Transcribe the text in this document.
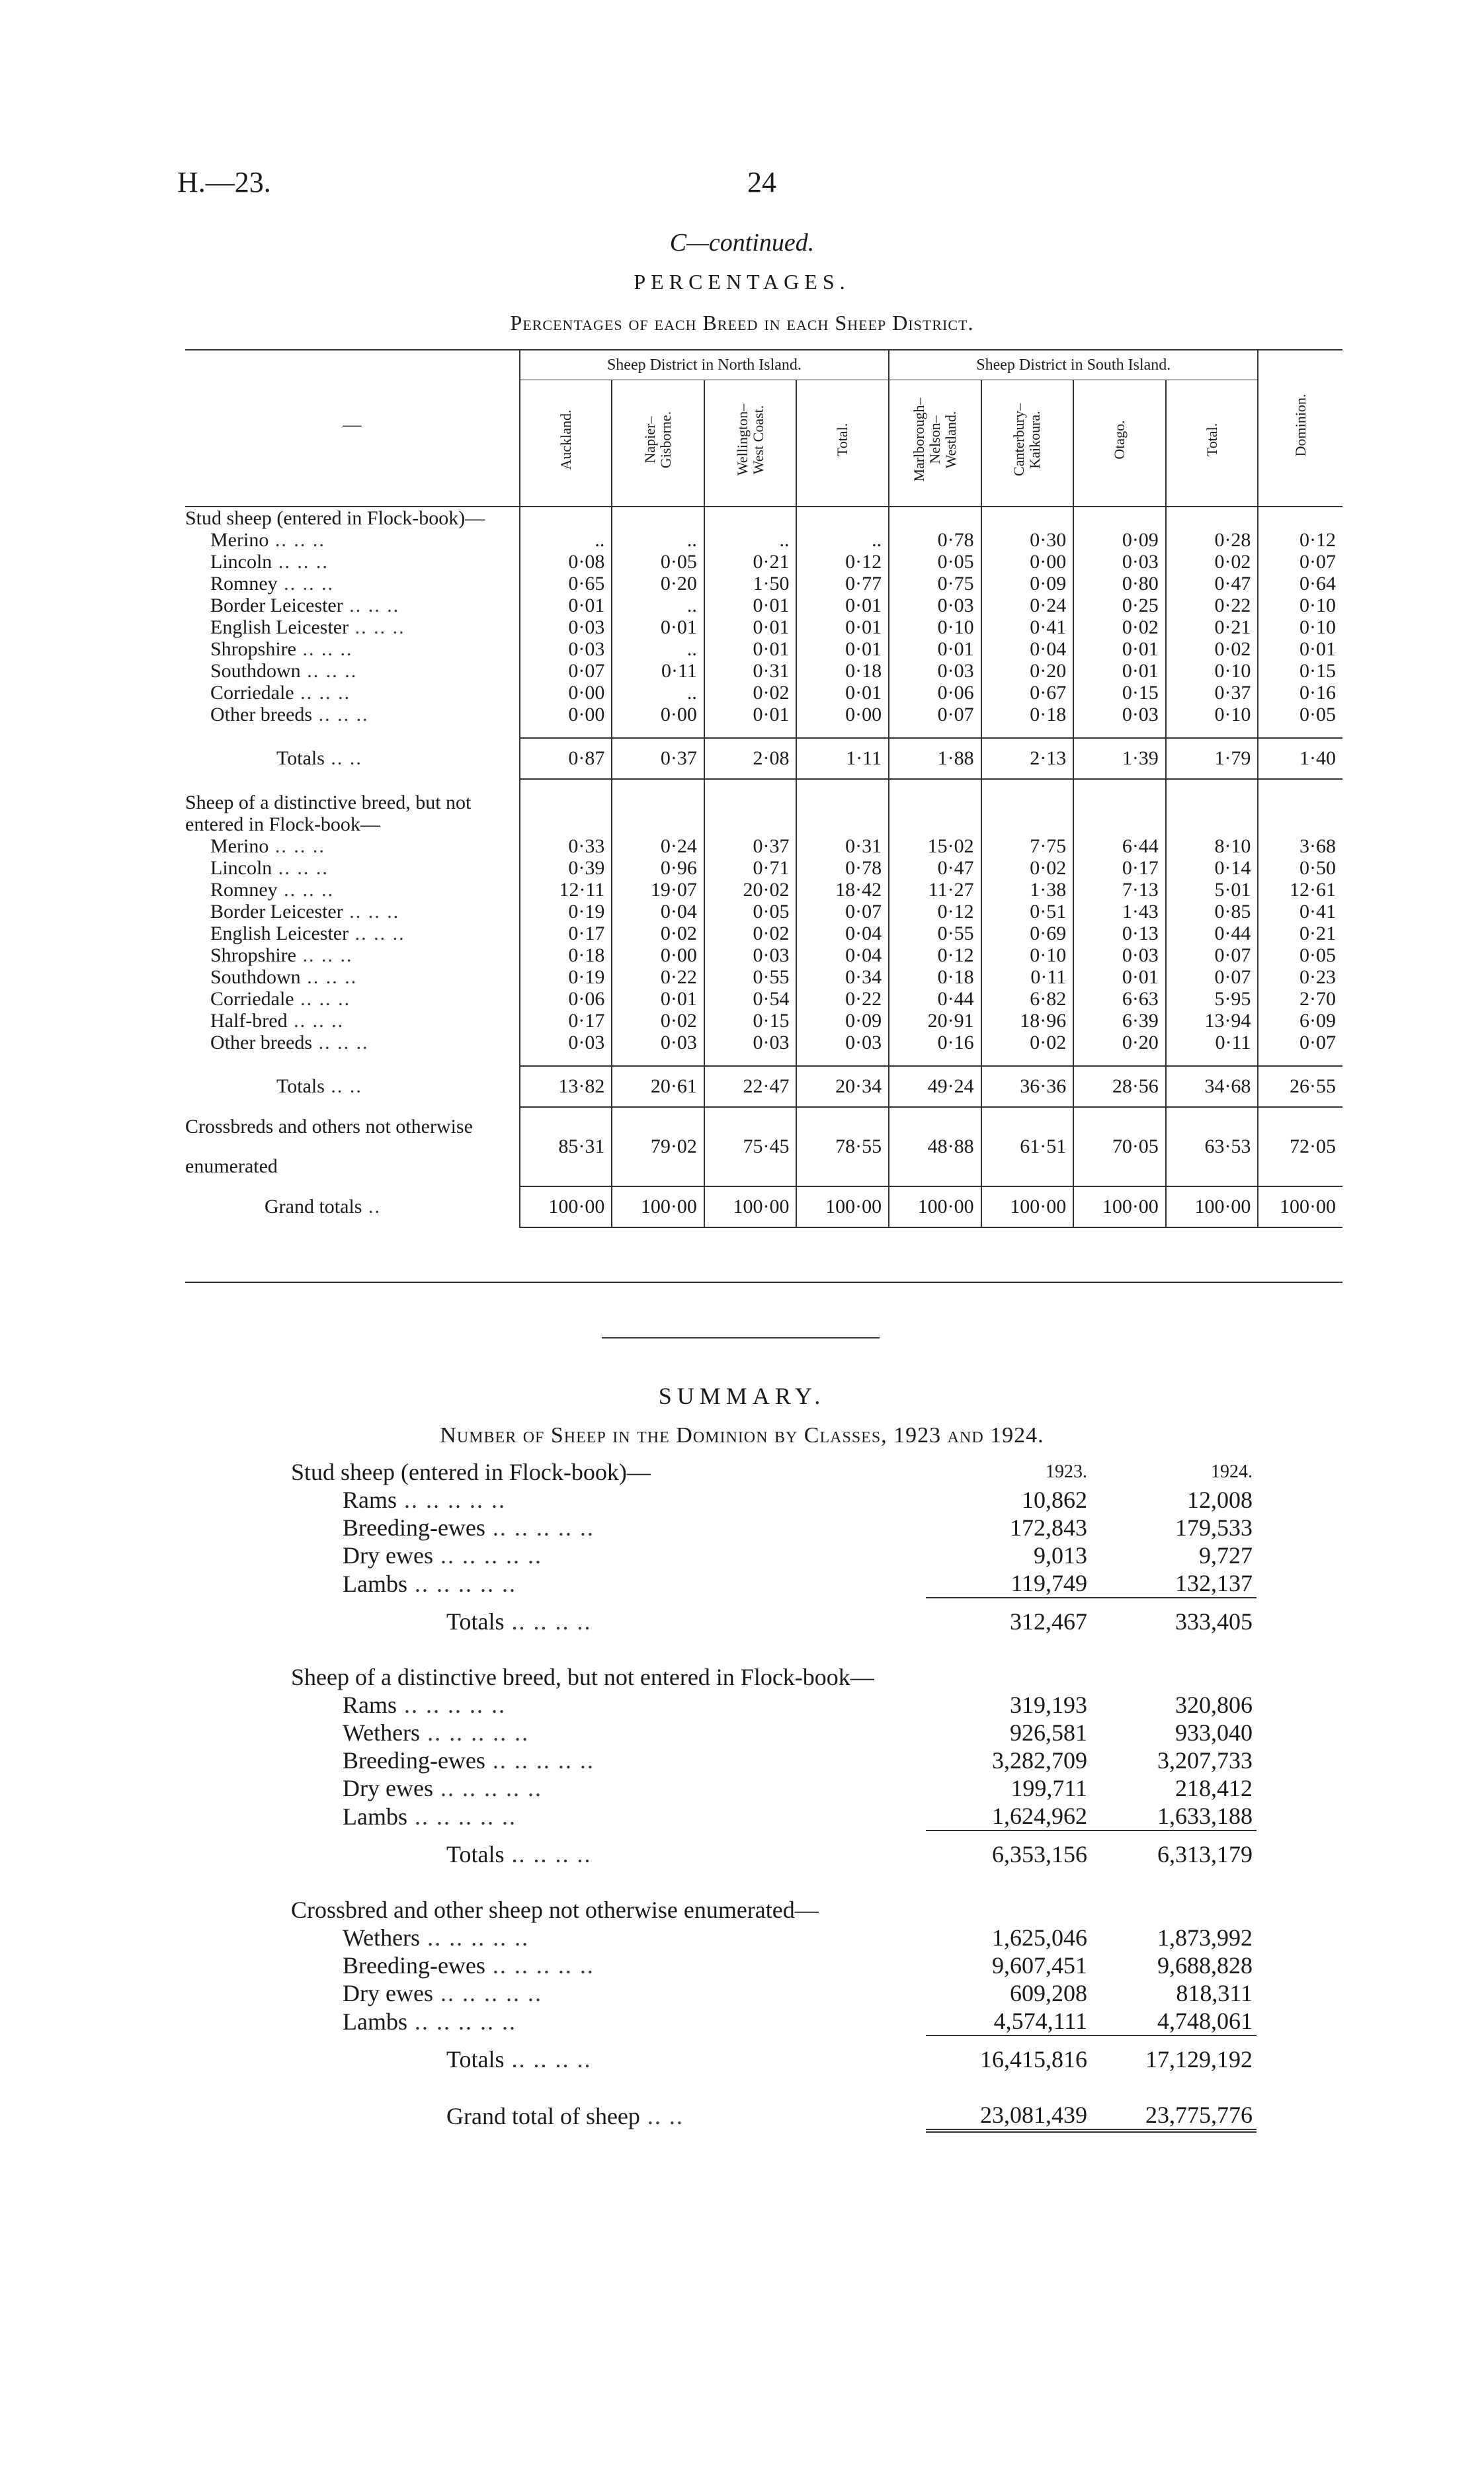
H.—23.	24
C—continued.
PERCENTAGES.
Percentages of each Breed in each Sheep District.
—	Sheep District in North Island.				Sheep District in South Island.				Dominion.

	Auckland.	Napier–
Gisborne.	Wellington–
West Coast.	Total.	Marlborough–
Nelson–
Westland.	Canterbury–
Kaikoura.	Otago.	Total.	

Stud sheep (entered in Flock-book)—									
Merino .. .. ..	..	..	..	..	0·78	0·30	0·09	0·28	0·12
Lincoln .. .. ..	0·08	0·05	0·21	0·12	0·05	0·00	0·03	0·02	0·07
Romney .. .. ..	0·65	0·20	1·50	0·77	0·75	0·09	0·80	0·47	0·64
Border Leicester .. .. ..	0·01	..	0·01	0·01	0·03	0·24	0·25	0·22	0·10
English Leicester .. .. ..	0·03	0·01	0·01	0·01	0·10	0·41	0·02	0·21	0·10
Shropshire .. .. ..	0·03	..	0·01	0·01	0·01	0·04	0·01	0·02	0·01
Southdown .. .. ..	0·07	0·11	0·31	0·18	0·03	0·20	0·01	0·10	0·15
Corriedale .. .. ..	0·00	..	0·02	0·01	0·06	0·67	0·15	0·37	0·16
Other breeds .. .. ..	0·00	0·00	0·01	0·00	0·07	0·18	0·03	0·10	0·05

Totals .. ..	0·87	0·37	2·08	1·11	1·88	2·13	1·39	1·79	1·40

Sheep of a distinctive breed, but not entered in Flock-book—									
Merino .. .. ..	0·33	0·24	0·37	0·31	15·02	7·75	6·44	8·10	3·68
Lincoln .. .. ..	0·39	0·96	0·71	0·78	0·47	0·02	0·17	0·14	0·50
Romney .. .. ..	12·11	19·07	20·02	18·42	11·27	1·38	7·13	5·01	12·61
Border Leicester .. .. ..	0·19	0·04	0·05	0·07	0·12	0·51	1·43	0·85	0·41
English Leicester .. .. ..	0·17	0·02	0·02	0·04	0·55	0·69	0·13	0·44	0·21
Shropshire .. .. ..	0·18	0·00	0·03	0·04	0·12	0·10	0·03	0·07	0·05
Southdown .. .. ..	0·19	0·22	0·55	0·34	0·18	0·11	0·01	0·07	0·23
Corriedale .. .. ..	0·06	0·01	0·54	0·22	0·44	6·82	6·63	5·95	2·70
Half-bred .. .. ..	0·17	0·02	0·15	0·09	20·91	18·96	6·39	13·94	6·09
Other breeds .. .. ..	0·03	0·03	0·03	0·03	0·16	0·02	0·20	0·11	0·07

Totals .. ..	13·82	20·61	22·47	20·34	49·24	36·36	28·56	34·68	26·55
Crossbreds and others not otherwise enumerated	85·31	79·02	75·45	78·55	48·88	61·51	70·05	63·53	72·05
Grand totals ..	100·00	100·00	100·00	100·00	100·00	100·00	100·00	100·00	100·00
SUMMARY.
Number of Sheep in the Dominion by Classes, 1923 and 1924.
Stud sheep (entered in Flock-book)—	1923.	1924.
Rams .. .. .. .. ..	10,862	12,008
Breeding-ewes .. .. .. .. ..	172,843	179,533
Dry ewes .. .. .. .. ..	9,013	9,727
Lambs .. .. .. .. ..	119,749	132,137
Totals .. .. .. ..	312,467	333,405

Sheep of a distinctive breed, but not entered in Flock-book—		
Rams .. .. .. .. ..	319,193	320,806
Wethers .. .. .. .. ..	926,581	933,040
Breeding-ewes .. .. .. .. ..	3,282,709	3,207,733
Dry ewes .. .. .. .. ..	199,711	218,412
Lambs .. .. .. .. ..	1,624,962	1,633,188
Totals .. .. .. ..	6,353,156	6,313,179

Crossbred and other sheep not otherwise enumerated—		
Wethers .. .. .. .. ..	1,625,046	1,873,992
Breeding-ewes .. .. .. .. ..	9,607,451	9,688,828
Dry ewes .. .. .. .. ..	609,208	818,311
Lambs .. .. .. .. ..	4,574,111	4,748,061
Totals .. .. .. ..	16,415,816	17,129,192

Grand total of sheep .. ..	23,081,439	23,775,776
